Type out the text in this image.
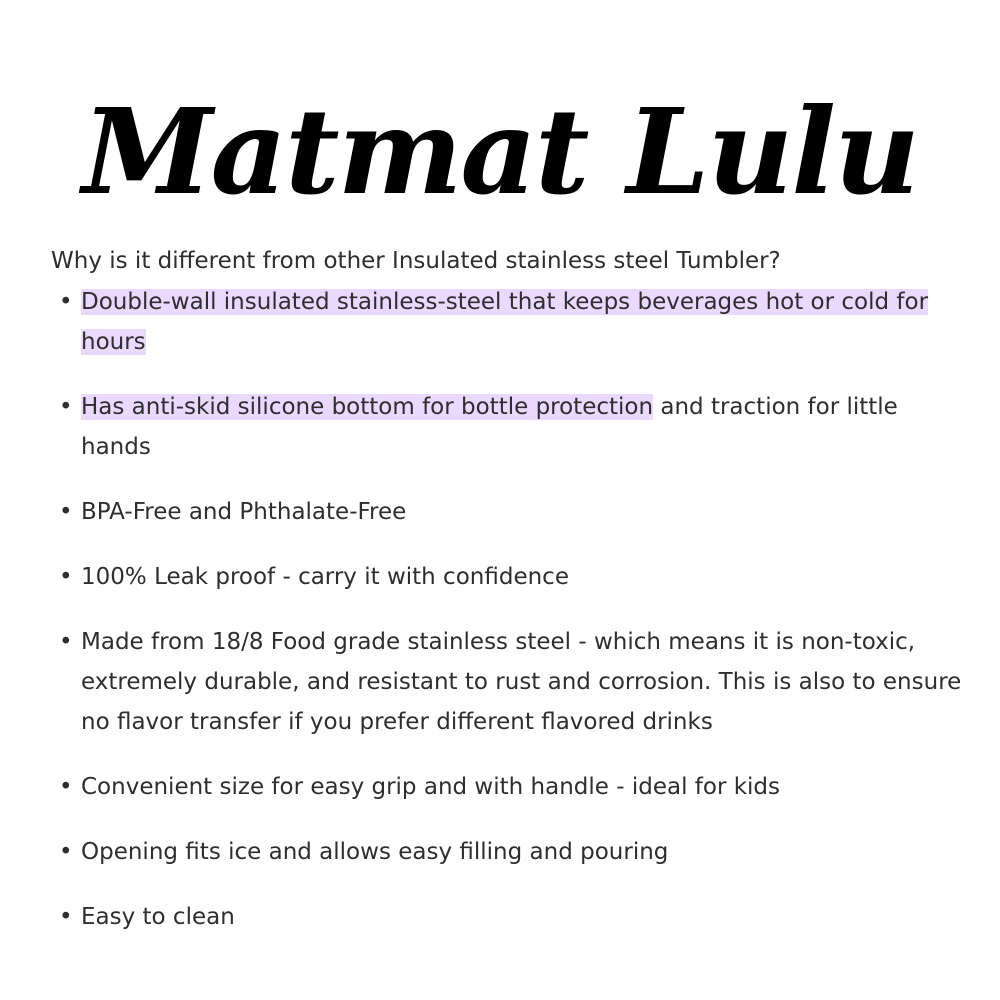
Matmat Lulu
Why is it different from other Insulated stainless steel Tumbler?
• Double-wall insulated stainless-steel that keeps beverages hot or cold for hours
• Has anti-skid silicone bottom for bottle protection and traction for little hands
• BPA-Free and Phthalate-Free
• 100% Leak proof - carry it with confidence
• Made from 18/8 Food grade stainless steel - which means it is non-toxic, extremely durable, and resistant to rust and corrosion. This is also to ensure no flavor transfer if you prefer different flavored drinks
• Convenient size for easy grip and with handle - ideal for kids
• Opening fits ice and allows easy filling and pouring
• Easy to clean
